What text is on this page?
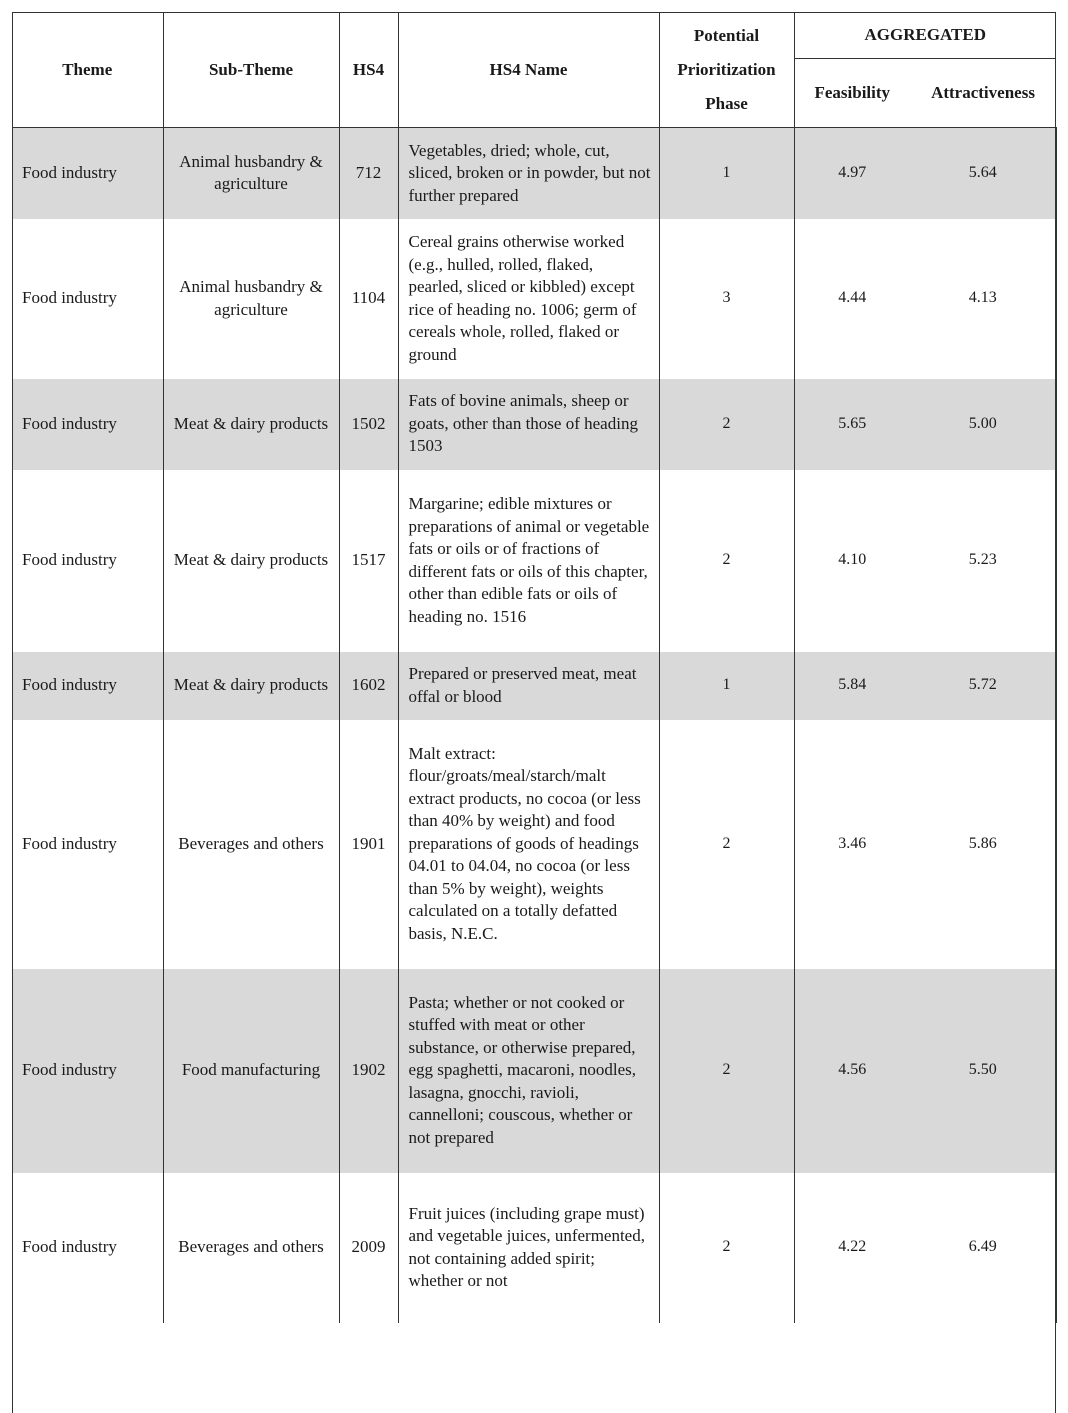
Theme	Sub-Theme	HS4	HS4 Name	Potential Prioritization Phase	AGGREGATED	
					Feasibility	Attractiveness
Food industry	Animal husbandry & agriculture	712	Vegetables, dried; whole, cut, sliced, broken or in powder, but not further prepared	1	4.97	5.64
Food industry	Animal husbandry & agriculture	1104	Cereal grains otherwise worked (e.g., hulled, rolled, flaked, pearled, sliced or kibbled) except rice of heading no. 1006; germ of cereals whole, rolled, flaked or ground	3	4.44	4.13
Food industry	Meat & dairy products	1502	Fats of bovine animals, sheep or goats, other than those of heading 1503	2	5.65	5.00
Food industry	Meat & dairy products	1517	Margarine; edible mixtures or preparations of animal or vegetable fats or oils or of fractions of different fats or oils of this chapter, other than edible fats or oils of heading no. 1516	2	4.10	5.23
Food industry	Meat & dairy products	1602	Prepared or preserved meat, meat offal or blood	1	5.84	5.72
Food industry	Beverages and others	1901	Malt extract: flour/groats/meal/starch/malt extract products, no cocoa (or less than 40% by weight) and food preparations of goods of headings 04.01 to 04.04, no cocoa (or less than 5% by weight), weights calculated on a totally defatted basis, N.E.C.	2	3.46	5.86
Food industry	Food manufacturing	1902	Pasta; whether or not cooked or stuffed with meat or other substance, or otherwise prepared, egg spaghetti, macaroni, noodles, lasagna, gnocchi, ravioli, cannelloni; couscous, whether or not prepared	2	4.56	5.50
Food industry	Beverages and others	2009	Fruit juices (including grape must) and vegetable juices, unfermented, not containing added spirit; whether or not	2	4.22	6.49
